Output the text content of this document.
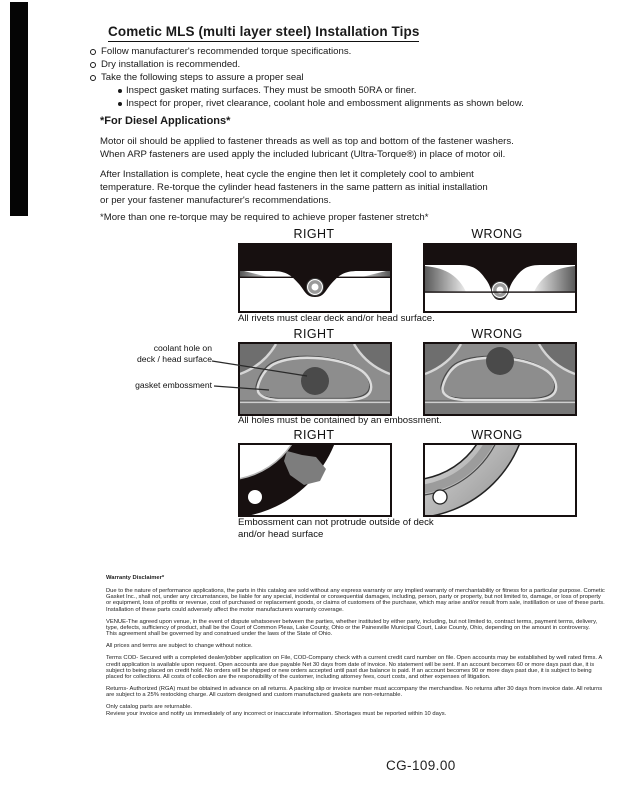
Cometic MLS (multi layer steel) Installation Tips
Follow manufacturer's recommended torque specifications.
Dry installation is recommended.
Take the following steps to assure a proper seal
Inspect gasket mating surfaces. They must be smooth 50RA or finer.
Inspect for proper, rivet clearance, coolant hole and embossment alignments as shown below.
*For Diesel Applications*
Motor oil should be applied to fastener threads as well as top and bottom of the fastener washers.
When ARP fasteners are used apply the included lubricant (Ultra-Torque®) in place of motor oil.
After Installation is complete, heat cycle the engine then let it completely cool to ambient
temperature. Re-torque the cylinder head fasteners in the same pattern as initial installation
or per your fastener manufacturer's recommendations.
*More than one re-torque may be required to achieve proper fastener stretch*
RIGHT	WRONG
All rivets must clear deck and/or head surface.
RIGHT	WRONG
coolant hole on
deck / head surface
gasket embossment
All holes must be contained by an embossment.
RIGHT	WRONG
Embossment can not protrude outside of deck
and/or head surface

Warranty Disclaimer*

Due to the nature of performance applications, the parts in this catalog are sold without any express warranty or any implied warranty of merchantability or fitness for a particular purpose. Cometic Gasket Inc., shall not, under any circumstances, be liable for any special, incidental or consequential damages, including, person, party or property, but not limited to, damage, or loss of property or equipment, loss of profits or revenue, cost of purchased or replacement goods, or claims of customers of the purchase, which may arise and/or result from sale, instillation or use of these parts. Installation of these parts could adversely affect the motor manufacturers warranty coverage.

VENUE-The agreed upon venue, in the event of dispute whatsoever between the parties, whether instituted by either party, including, but not limited to, contract terms, payment terms, delivery, type, defects, sufficiency of product, shall be the Court of Common Pleas, Lake County, Ohio or the Painesville Municipal Court, Lake County, Ohio, depending on the amount in controversy.

This agreement shall be governed by and construed under the laws of the State of Ohio.

All prices and terms are subject to change without notice.

Terms COD- Secured with a completed dealer/jobber application on File, COD-Company check with a current credit card number on file. Open accounts may be established by well rated firms. A credit application is available upon request. Open accounts are due payable Net 30 days from date of invoice. No statement will be sent. If an account becomes 60 or more days past due, it is subject to being placed on credit hold. No orders will be shipped or new orders accepted until past due balance is paid. If an account becomes 90 or more days past due, it is subject to being placed for collections. All costs of collection are the responsibility of the customer, including attorney fees, court costs, and other expenses of litigation.

Returns- Authorized (RGA) must be obtained in advance on all returns. A packing slip or invoice number must accompany the merchandise. No returns after 30 days from invoice date. All returns are subject to a 25% restocking charge. All custom designed and custom manufactured gaskets are non-returnable.

Only catalog parts are returnable.

Review your invoice and notify us immediately of any incorrect or inaccurate information. Shortages must be reported within 10 days.

CG-109.00
